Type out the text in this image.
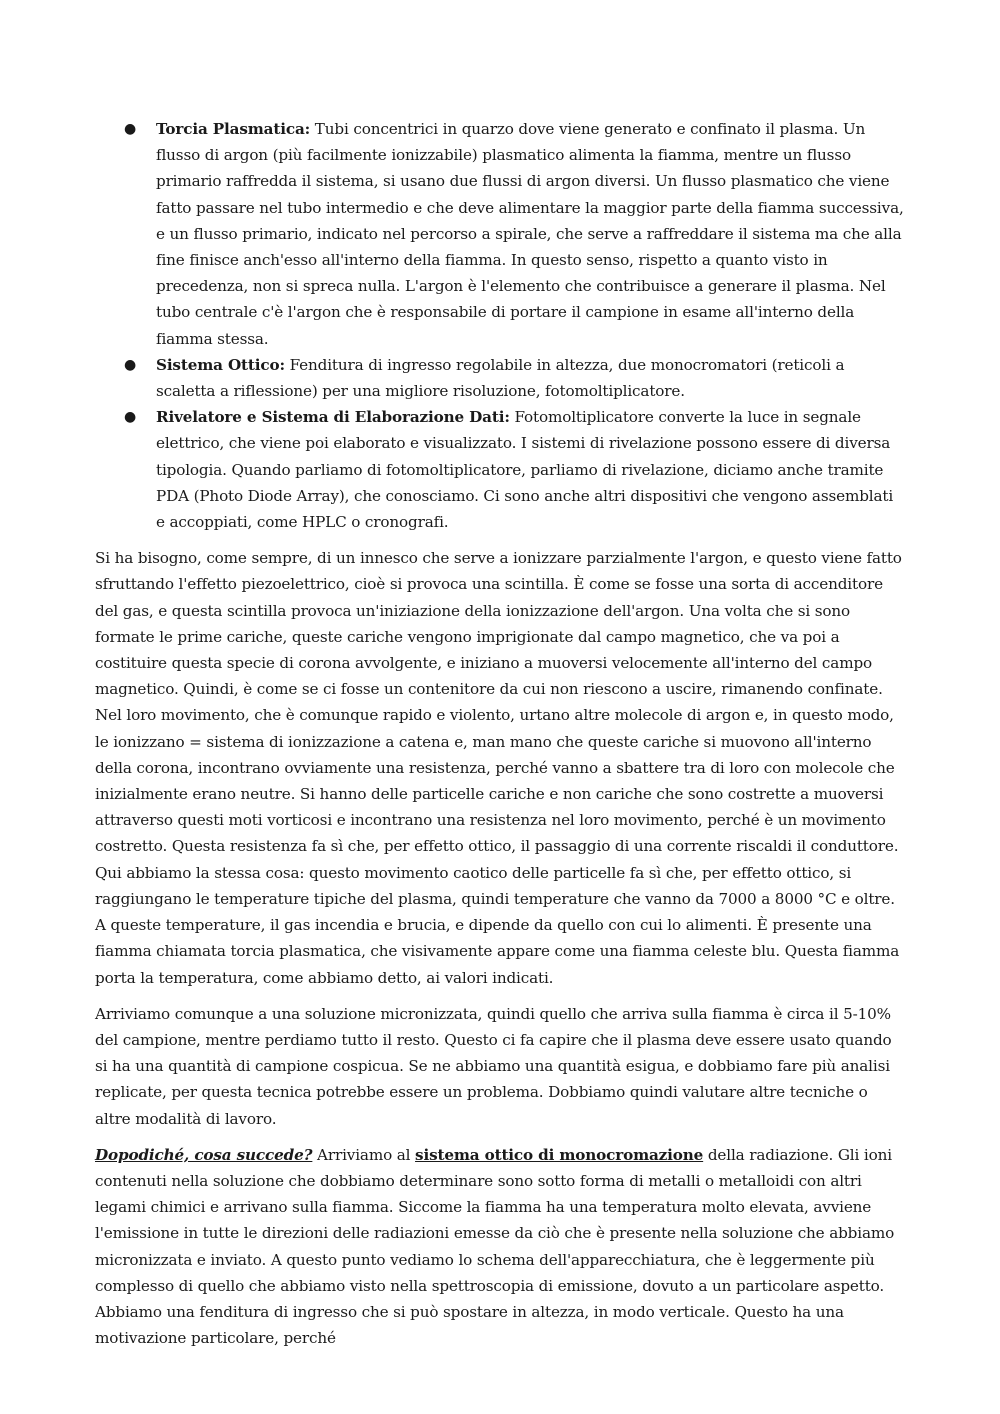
● Torcia Plasmatica: Tubi concentrici in quarzo dove viene generato e confinato il plasma. Un flusso di argon (più facilmente ionizzabile) plasmatico alimenta la fiamma, mentre un flusso primario raffredda il sistema, si usano due flussi di argon diversi. Un flusso plasmatico che viene fatto passare nel tubo intermedio e che deve alimentare la maggior parte della fiamma successiva, e un flusso primario, indicato nel percorso a spirale, che serve a raffreddare il sistema ma che alla fine finisce anch'esso all'interno della fiamma. In questo senso, rispetto a quanto visto in precedenza, non si spreca nulla. L'argon è l'elemento che contribuisce a generare il plasma. Nel tubo centrale c'è l'argon che è responsabile di portare il campione in esame all'interno della fiamma stessa.
● Sistema Ottico: Fenditura di ingresso regolabile in altezza, due monocromatori (reticoli a scaletta a riflessione) per una migliore risoluzione, fotomoltiplicatore.
● Rivelatore e Sistema di Elaborazione Dati: Fotomoltiplicatore converte la luce in segnale elettrico, che viene poi elaborato e visualizzato. I sistemi di rivelazione possono essere di diversa tipologia. Quando parliamo di fotomoltiplicatore, parliamo di rivelazione, diciamo anche tramite PDA (Photo Diode Array), che conosciamo. Ci sono anche altri dispositivi che vengono assemblati e accoppiati, come HPLC o cronografi.

Si ha bisogno, come sempre, di un innesco che serve a ionizzare parzialmente l'argon, e questo viene fatto sfruttando l'effetto piezoelettrico, cioè si provoca una scintilla. È come se fosse una sorta di accenditore del gas, e questa scintilla provoca un'iniziazione della ionizzazione dell'argon. Una volta che si sono formate le prime cariche, queste cariche vengono imprigionate dal campo magnetico, che va poi a costituire questa specie di corona avvolgente, e iniziano a muoversi velocemente all'interno del campo magnetico. Quindi, è come se ci fosse un contenitore da cui non riescono a uscire, rimanendo confinate. Nel loro movimento, che è comunque rapido e violento, urtano altre molecole di argon e, in questo modo, le ionizzano = sistema di ionizzazione a catena e, man mano che queste cariche si muovono all'interno della corona, incontrano ovviamente una resistenza, perché vanno a sbattere tra di loro con molecole che inizialmente erano neutre. Si hanno delle particelle cariche e non cariche che sono costrette a muoversi attraverso questi moti vorticosi e incontrano una resistenza nel loro movimento, perché è un movimento costretto. Questa resistenza fa sì che, per effetto ottico, il passaggio di una corrente riscaldi il conduttore. Qui abbiamo la stessa cosa: questo movimento caotico delle particelle fa sì che, per effetto ottico, si raggiungano le temperature tipiche del plasma, quindi temperature che vanno da 7000 a 8000 °C e oltre. A queste temperature, il gas incendia e brucia, e dipende da quello con cui lo alimenti. È presente una fiamma chiamata torcia plasmatica, che visivamente appare come una fiamma celeste blu. Questa fiamma porta la temperatura, come abbiamo detto, ai valori indicati.

Arriviamo comunque a una soluzione micronizzata, quindi quello che arriva sulla fiamma è circa il 5-10% del campione, mentre perdiamo tutto il resto. Questo ci fa capire che il plasma deve essere usato quando si ha una quantità di campione cospicua. Se ne abbiamo una quantità esigua, e dobbiamo fare più analisi replicate, per questa tecnica potrebbe essere un problema. Dobbiamo quindi valutare altre tecniche o altre modalità di lavoro.

Dopodiché, cosa succede? Arriviamo al sistema ottico di monocromazione della radiazione. Gli ioni contenuti nella soluzione che dobbiamo determinare sono sotto forma di metalli o metalloidi con altri legami chimici e arrivano sulla fiamma. Siccome la fiamma ha una temperatura molto elevata, avviene l'emissione in tutte le direzioni delle radiazioni emesse da ciò che è presente nella soluzione che abbiamo micronizzata e inviato. A questo punto vediamo lo schema dell'apparecchiatura, che è leggermente più complesso di quello che abbiamo visto nella spettroscopia di emissione, dovuto a un particolare aspetto. Abbiamo una fenditura di ingresso che si può spostare in altezza, in modo verticale. Questo ha una motivazione particolare, perché
